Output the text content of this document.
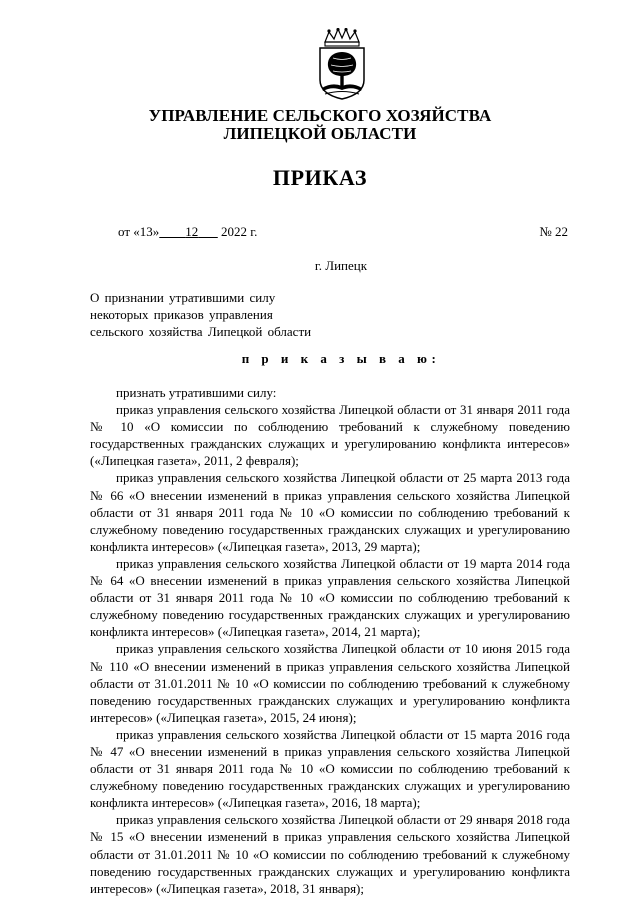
УПРАВЛЕНИЕ СЕЛЬСКОГО ХОЗЯЙСТВА
ЛИПЕЦКОЙ ОБЛАСТИ
ПРИКАЗ
от «13» 12 2022 г.	№ 22
г. Липецк
О признании утратившими силу
некоторых приказов управления
сельского хозяйства Липецкой области
п р и к а з ы в а ю:

признать утратившими силу:

приказ управления сельского хозяйства Липецкой области от 31 января 2011 года № 10 «О комиссии по соблюдению требований к служебному поведению государственных гражданских служащих и урегулированию конфликта интересов» («Липецкая газета», 2011, 2 февраля);

приказ управления сельского хозяйства Липецкой области от 25 марта 2013 года № 66 «О внесении изменений в приказ управления сельского хозяйства Липецкой области от 31 января 2011 года № 10 «О комиссии по соблюдению требований к служебному поведению государственных гражданских служащих и урегулированию конфликта интересов» («Липецкая газета», 2013, 29 марта);

приказ управления сельского хозяйства Липецкой области от 19 марта 2014 года № 64 «О внесении изменений в приказ управления сельского хозяйства Липецкой области от 31 января 2011 года № 10 «О комиссии по соблюдению требований к служебному поведению государственных гражданских служащих и урегулированию конфликта интересов» («Липецкая газета», 2014, 21 марта);

приказ управления сельского хозяйства Липецкой области от 10 июня 2015 года № 110 «О внесении изменений в приказ управления сельского хозяйства Липецкой области от 31.01.2011 № 10 «О комиссии по соблюдению требований к служебному поведению государственных гражданских служащих и урегулированию конфликта интересов» («Липецкая газета», 2015, 24 июня);

приказ управления сельского хозяйства Липецкой области от 15 марта 2016 года № 47 «О внесении изменений в приказ управления сельского хозяйства Липецкой области от 31 января 2011 года № 10 «О комиссии по соблюдению требований к служебному поведению государственных гражданских служащих и урегулированию конфликта интересов» («Липецкая газета», 2016, 18 марта);

приказ управления сельского хозяйства Липецкой области от 29 января 2018 года № 15 «О внесении изменений в приказ управления сельского хозяйства Липецкой области от 31.01.2011 № 10 «О комиссии по соблюдению требований к служебному поведению государственных гражданских служащих и урегулированию конфликта интересов» («Липецкая газета», 2018, 31 января);
